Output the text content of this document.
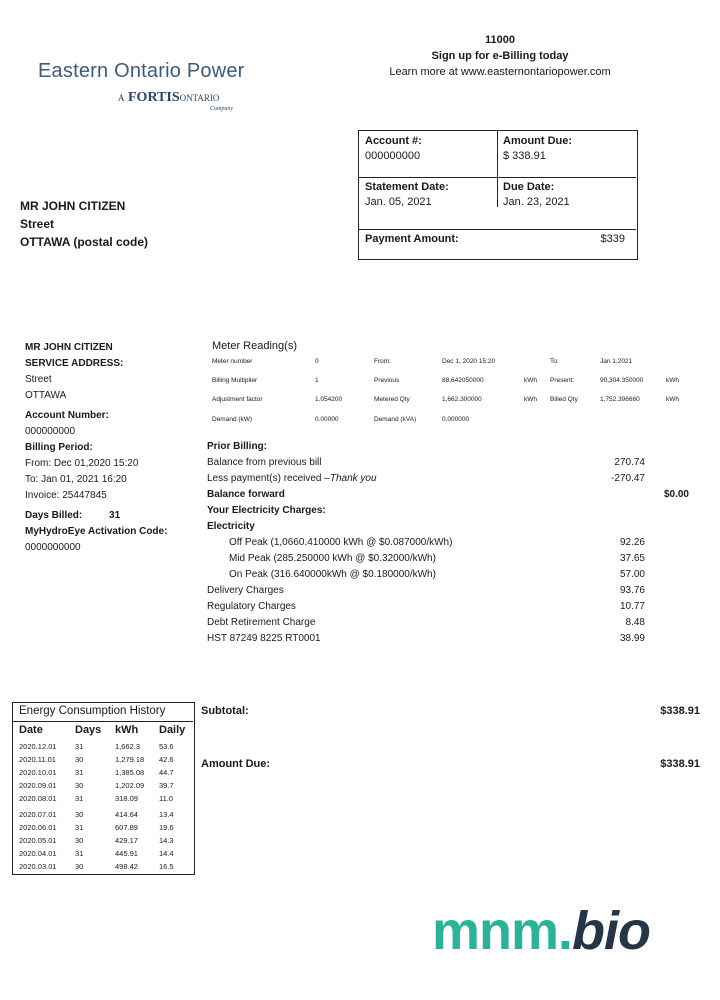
Eastern Ontario Power
A FORTISONTARIO
Company
11000
Sign up for e-Billing today
Learn more at www.easternontariopower.com
Account #:
000000000
Amount Due:
$ 338.91
Statement Date:
Jan. 05, 2021
Due Date:
Jan. 23, 2021
Payment Amount:	$339
MR JOHN CITIZEN
Street
OTTAWA (postal code)
MR JOHN CITIZEN
SERVICE ADDRESS:
Street
OTTAWA
Account Number:
000000000
Billing Period:
From: Dec 01,2020 15:20
To: Jan 01, 2021 16:20
Invoice: 25447845
Days Billed:	31
MyHydroEye Activation Code:
0000000000
Meter Reading(s)
Meter number	0	From:	Dec 1, 2020 15:20	To:	Jan 1,2021
Billing Multiplier	1	Previous	88,642050000	kWh Present:	90,304.350000	kWh
Adjustment factor	1.054200	Metered Qty	1,662.300000	kWh Billed Qty	1,752.396660	kWh
Demand (kW)	0.00000	Demand (kVA)	0.000000
Prior Billing:
Balance from previous bill	270.74
Less payment(s) received –Thank you	-270.47
Balance forward	$0.00
Your Electricity Charges:
Electricity
Off Peak (1,0660.410000 kWh @ $0.087000/kWh)	92.26
Mid Peak (285.250000 kWh @ $0.32000/kWh)	37.65
On Peak (316.640000kWh @ $0.180000/kWh)	57.00
Delivery Charges	93.76
Regulatory Charges	10.77
Debt Retirement Charge	8.48
HST 87249 8225 RT0001	38.99
Energy Consumption History
Date	Days kWh Daily
2020.12.01 31	1,662.3	53.6
2020.11.01	30	1,279.18 42.6
2020.10.01 31	1,385.08 44.7
2020.09.01 30	1,202.09 39.7
2020.08.01 31	318.09	11.0
2020.07.01 30	414.64	13.4
2020.06.01 31	607.89	19.6
2020.05.01 30	429.17	14.3
2020.04.01 31	445.91	14.4
2020.03.01 30	498.42	16.5
Subtotal:	$338.91
Amount Due:	$338.91
mnm.bio
